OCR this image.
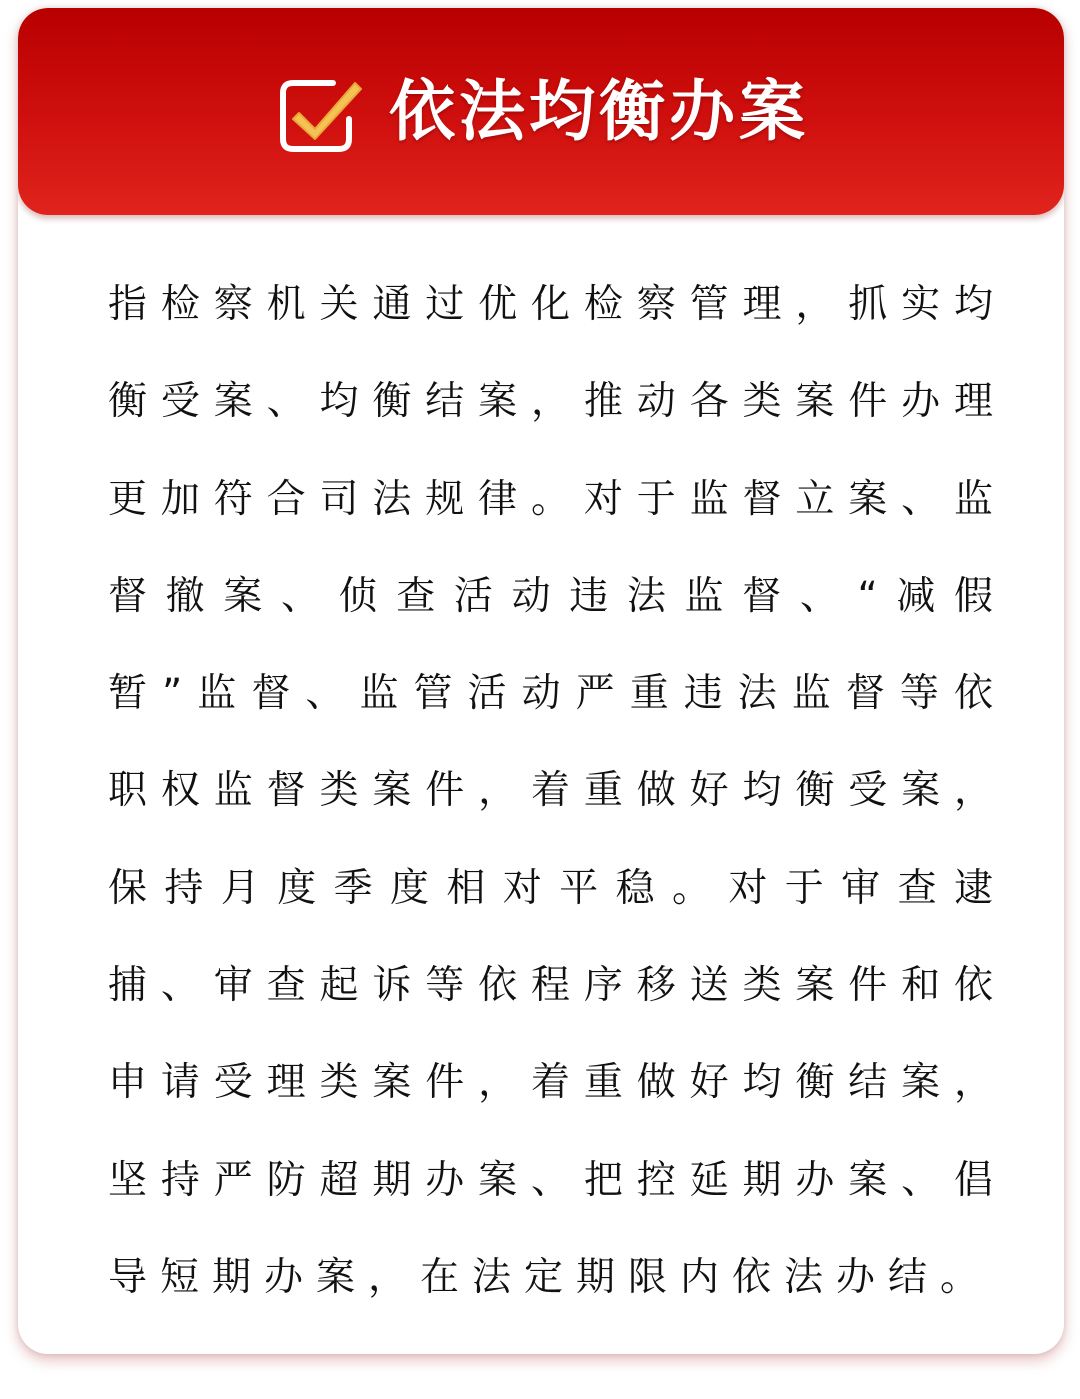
依法均衡办案

指检察机关通过优化检察管理，抓实均衡受案、均衡结案，推动各类案件办理更加符合司法规律。对于监督立案、监督撤案、侦查活动违法监督、“减假暂”监督、监管活动严重违法监督等依职权监督类案件，着重做好均衡受案，保持月度季度相对平稳。对于审查逮捕、审查起诉等依程序移送类案件和依申请受理类案件，着重做好均衡结案，坚持严防超期办案、把控延期办案、倡导短期办案，在法定期限内依法办结。
